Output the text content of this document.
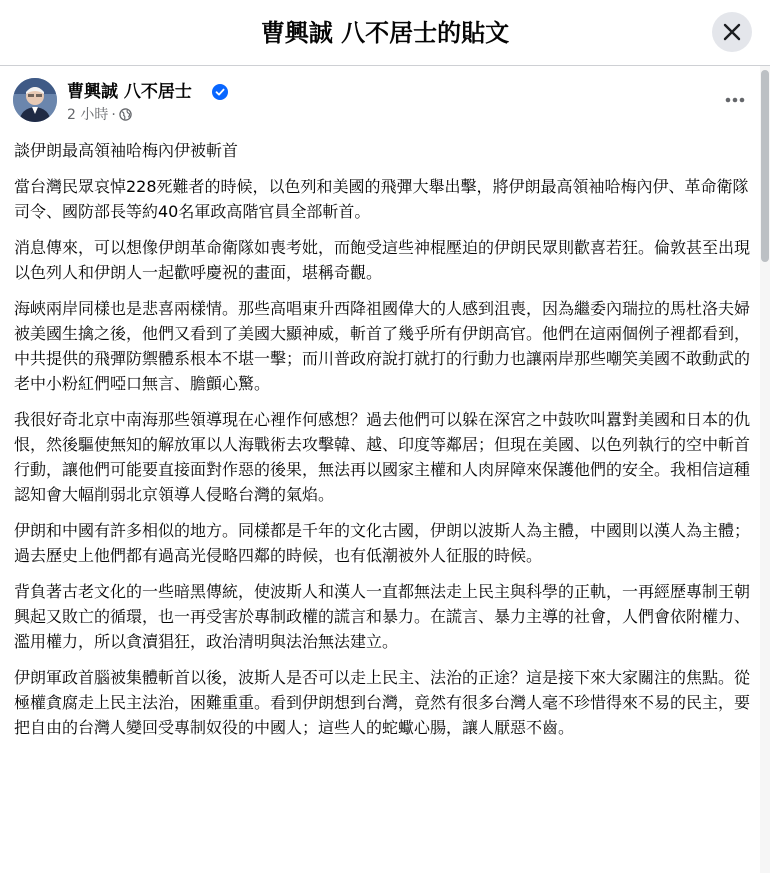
曹興誠 八不居士的貼文
曹興誠 八不居士
2 小時 ·

談伊朗最高領袖哈梅內伊被斬首

當台灣民眾哀悼228死難者的時候，以色列和美國的飛彈大舉出擊，將伊朗最高領袖哈梅內伊、革命衛隊司令、國防部長等約40名軍政高階官員全部斬首。

消息傳來，可以想像伊朗革命衛隊如喪考妣，而飽受這些神棍壓迫的伊朗民眾則歡喜若狂。倫敦甚至出現以色列人和伊朗人一起歡呼慶祝的畫面，堪稱奇觀。

海峽兩岸同樣也是悲喜兩樣情。那些高唱東升西降祖國偉大的人感到沮喪，因為繼委內瑞拉的馬杜洛夫婦被美國生擒之後，他們又看到了美國大顯神威，斬首了幾乎所有伊朗高官。他們在這兩個例子裡都看到，中共提供的飛彈防禦體系根本不堪一擊；而川普政府說打就打的行動力也讓兩岸那些嘲笑美國不敢動武的老中小粉紅們啞口無言、膽顫心驚。

我很好奇北京中南海那些領導現在心裡作何感想？過去他們可以躲在深宮之中鼓吹叫囂對美國和日本的仇恨，然後驅使無知的解放軍以人海戰術去攻擊韓、越、印度等鄰居；但現在美國、以色列執行的空中斬首行動，讓他們可能要直接面對作惡的後果，無法再以國家主權和人肉屏障來保護他們的安全。我相信這種認知會大幅削弱北京領導人侵略台灣的氣焰。

伊朗和中國有許多相似的地方。同樣都是千年的文化古國，伊朗以波斯人為主體，中國則以漢人為主體；過去歷史上他們都有過高光侵略四鄰的時候，也有低潮被外人征服的時候。

背負著古老文化的一些暗黑傳統，使波斯人和漢人一直都無法走上民主與科學的正軌，一再經歷專制王朝興起又敗亡的循環，也一再受害於專制政權的謊言和暴力。在謊言、暴力主導的社會，人們會依附權力、濫用權力，所以貪瀆猖狂，政治清明與法治無法建立。

伊朗軍政首腦被集體斬首以後，波斯人是否可以走上民主、法治的正途？這是接下來大家關注的焦點。從極權貪腐走上民主法治，困難重重。看到伊朗想到台灣，竟然有很多台灣人毫不珍惜得來不易的民主，要把自由的台灣人變回受專制奴役的中國人；這些人的蛇蠍心腸，讓人厭惡不齒。
